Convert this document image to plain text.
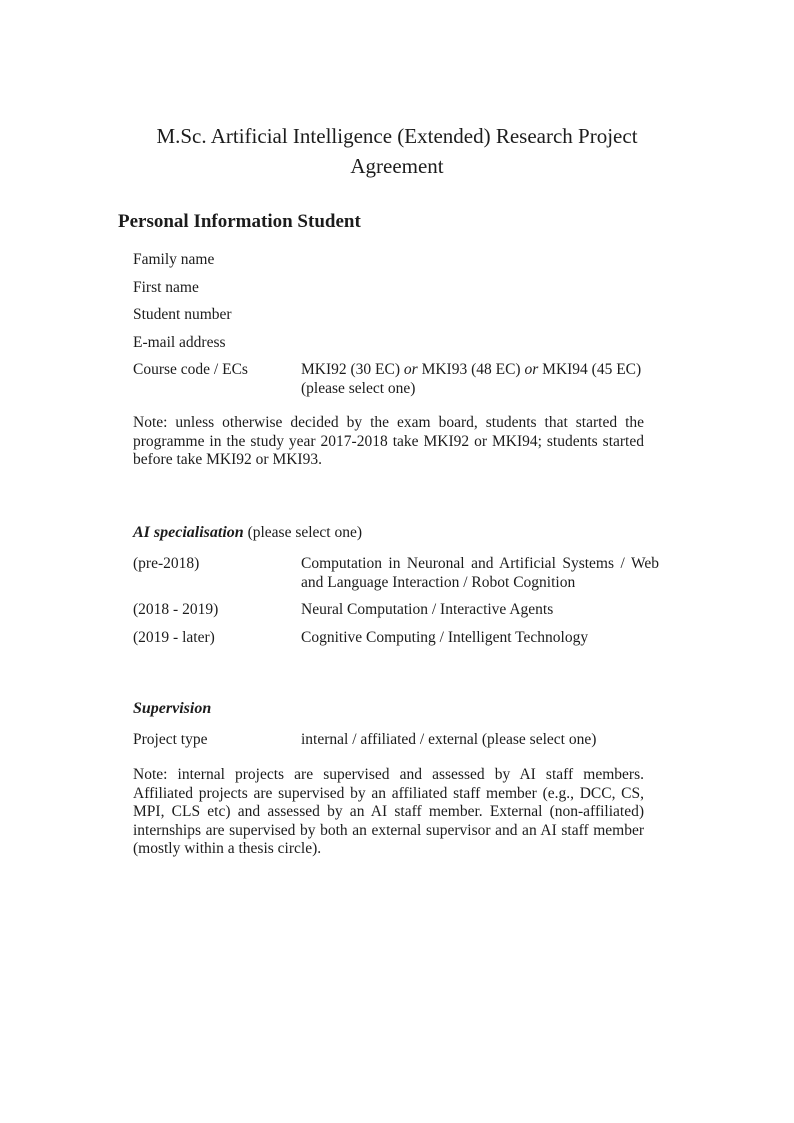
M.Sc. Artificial Intelligence (Extended) Research Project Agreement
Personal Information Student
Family name
First name
Student number
E-mail address
Course code / ECs	MKI92 (30 EC) or MKI93 (48 EC) or MKI94 (45 EC)
(please select one)

Note: unless otherwise decided by the exam board, students that started the programme in the study year 2017-2018 take MKI92 or MKI94; students started before take MKI92 or MKI93.

AI specialisation (please select one)
(pre-2018)	Computation in Neuronal and Artificial Systems / Web and Language Interaction / Robot Cognition
(2018 - 2019)	Neural Computation / Interactive Agents
(2019 - later)	Cognitive Computing / Intelligent Technology
Supervision
Project type	internal / affiliated / external (please select one)

Note: internal projects are supervised and assessed by AI staff members. Affiliated projects are supervised by an affiliated staff member (e.g., DCC, CS, MPI, CLS etc) and assessed by an AI staff member. External (non-affiliated) internships are supervised by both an external supervisor and an AI staff member (mostly within a thesis circle).
